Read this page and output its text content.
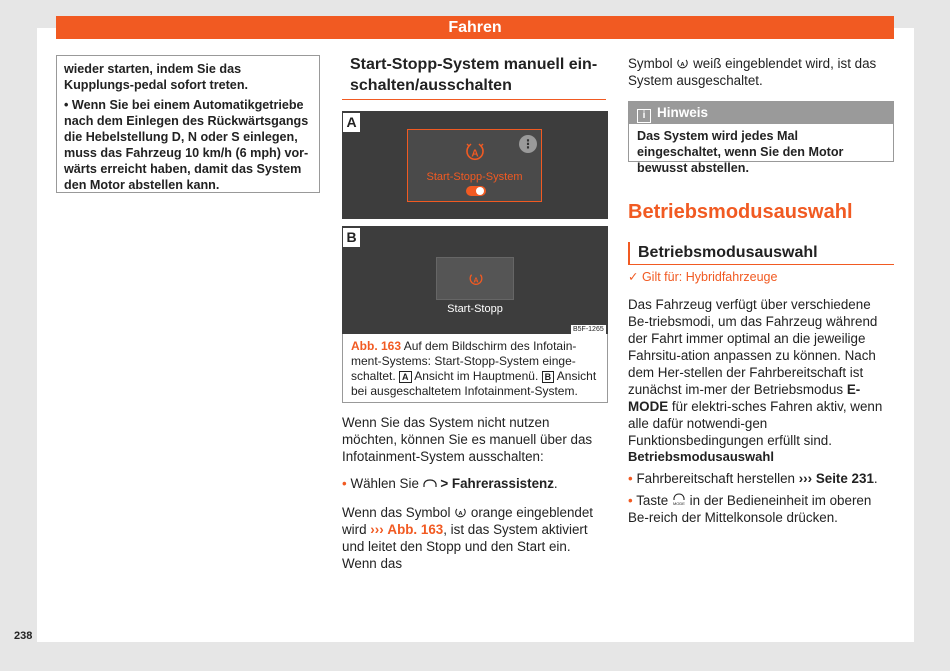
Fahren

wieder starten, indem Sie das Kupplungs-pedal sofort treten.

• Wenn Sie bei einem Automatikgetriebe nach dem Einlegen des Rückwärtsgangs die Hebelstellung D, N oder S einlegen, muss das Fahrzeug 10 km/h (6 mph) vor-wärts erreicht haben, damit das System den Motor abstellen kann.

Start-Stopp-System manuell ein-schalten/ausschalten
A
B
A
⋮
Start-Stopp-System
A
Start-Stopp
B5F-1265
Abb. 163 Auf dem Bildschirm des Infotain-ment-Systems: Start-Stopp-System einge-schaltet. A Ansicht im Hauptmenü. B Ansicht bei ausgeschaltetem Infotainment-System.

Wenn Sie das System nicht nutzen möchten, können Sie es manuell über das Infotainment-System ausschalten:

• Wählen Sie > Fahrerassistenz.

Wenn das Symbol A orange eingeblendet wird ››› Abb. 163, ist das System aktiviert und leitet den Stopp und den Start ein. Wenn das

Symbol A weiß eingeblendet wird, ist das System ausgeschaltet.

i Hinweis
Das System wird jedes Mal eingeschaltet, wenn Sie den Motor bewusst abstellen.
Betriebsmodusauswahl
Betriebsmodusauswahl
✓ Gilt für: Hybridfahrzeuge

Das Fahrzeug verfügt über verschiedene Be-triebsmodi, um das Fahrzeug während der Fahrt immer optimal an die jeweilige Fahrsitu-ation anpassen zu können. Nach dem Her-stellen der Fahrbereitschaft ist zunächst im-mer der Betriebsmodus E-MODE für elektri-sches Fahren aktiv, wenn alle dafür notwendi-gen Funktionsbedingungen erfüllt sind.

Betriebsmodusauswahl
• Fahrbereitschaft herstellen ››› Seite 231.
• Taste MODE in der Bedieneinheit im oberen Be-reich der Mittelkonsole drücken.
238
